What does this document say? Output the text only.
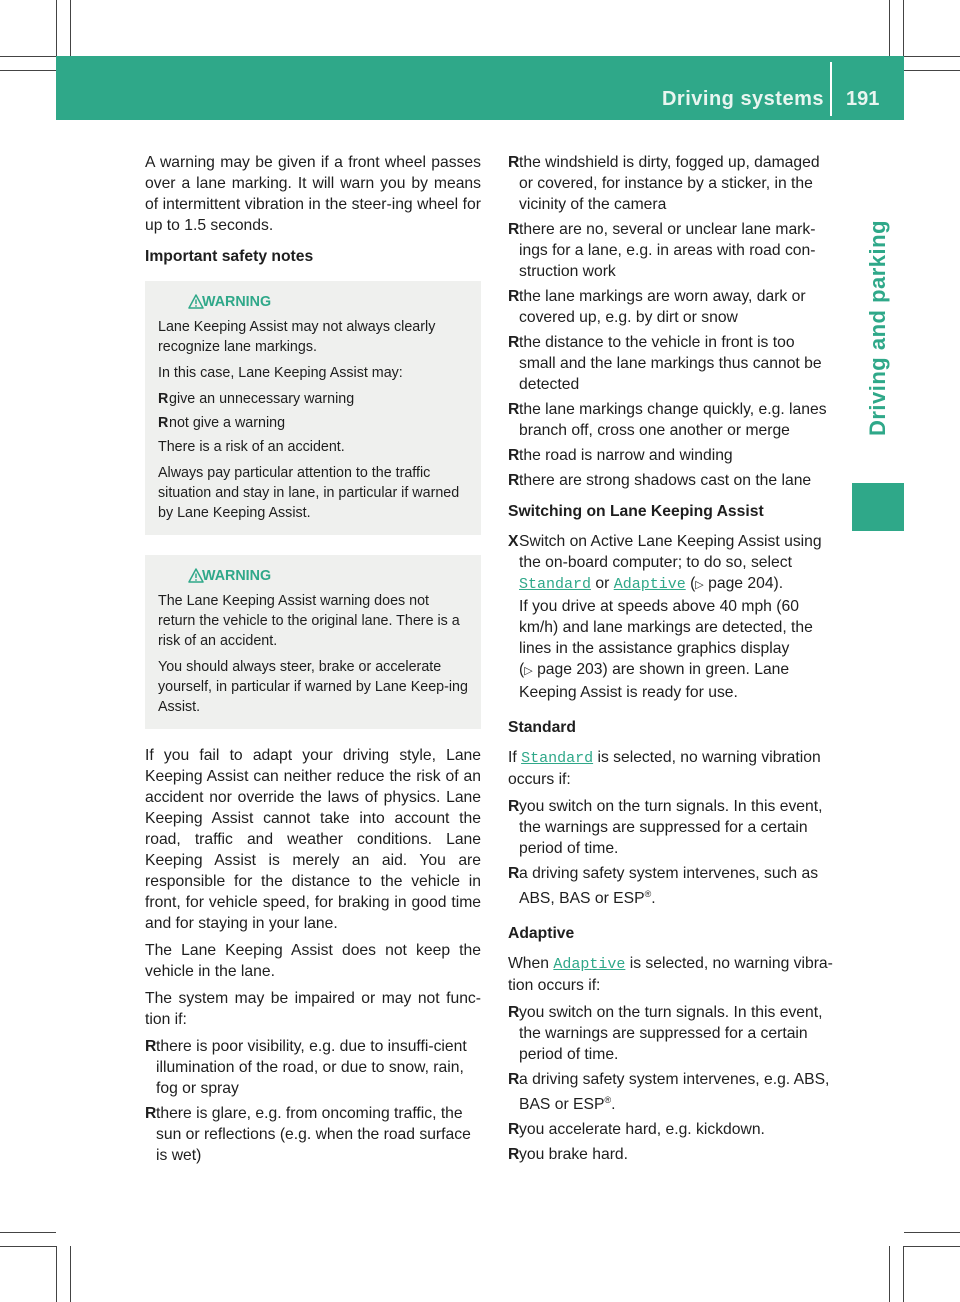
Driving systems 191
Driving and parking

A warning may be given if a front wheel passes over a lane marking. It will warn you by means of intermittent vibration in the steer-ing wheel for up to 1.5 seconds.

Important safety notes
WARNING

Lane Keeping Assist may not always clearly recognize lane markings.

In this case, Lane Keeping Assist may:

R give an unnecessary warning
R not give a warning

There is a risk of an accident.

Always pay particular attention to the traffic situation and stay in lane, in particular if warned by Lane Keeping Assist.

WARNING

The Lane Keeping Assist warning does not return the vehicle to the original lane. There is a risk of an accident.

You should always steer, brake or accelerate yourself, in particular if warned by Lane Keep-ing Assist.

If you fail to adapt your driving style, Lane Keeping Assist can neither reduce the risk of an accident nor override the laws of physics. Lane Keeping Assist cannot take into account the road, traffic and weather conditions. Lane Keeping Assist is merely an aid. You are responsible for the distance to the vehicle in front, for vehicle speed, for braking in good time and for staying in your lane.

The Lane Keeping Assist does not keep the vehicle in the lane.

The system may be impaired or may not func-tion if:

R there is poor visibility, e.g. due to insuffi-cient illumination of the road, or due to snow, rain, fog or spray
R there is glare, e.g. from oncoming traffic, the sun or reflections (e.g. when the road surface is wet)
R the windshield is dirty, fogged up, damaged or covered, for instance by a sticker, in the vicinity of the camera
R there are no, several or unclear lane mark-ings for a lane, e.g. in areas with road con-struction work
R the lane markings are worn away, dark or covered up, e.g. by dirt or snow
R the distance to the vehicle in front is too small and the lane markings thus cannot be detected
R the lane markings change quickly, e.g. lanes branch off, cross one another or merge
R the road is narrow and winding
R there are strong shadows cast on the lane
Switching on Lane Keeping Assist
X Switch on Active Lane Keeping Assist using the on-board computer; to do so, select Standard or Adaptive (▷ page 204).
If you drive at speeds above 40 mph (60 km/h) and lane markings are detected, the lines in the assistance graphics display (▷ page 203) are shown in green. Lane Keeping Assist is ready for use.
Standard

If Standard is selected, no warning vibration occurs if:

R you switch on the turn signals. In this event, the warnings are suppressed for a certain period of time.
R a driving safety system intervenes, such as ABS, BAS or ESP®.
Adaptive

When Adaptive is selected, no warning vibra-tion occurs if:

R you switch on the turn signals. In this event, the warnings are suppressed for a certain period of time.
R a driving safety system intervenes, e.g. ABS, BAS or ESP®.
R you accelerate hard, e.g. kickdown.
R you brake hard.
